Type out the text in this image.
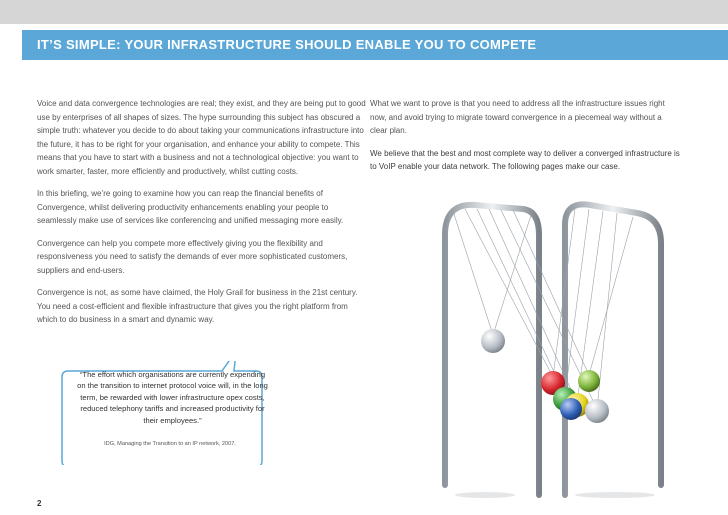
IT’S SIMPLE: YOUR INFRASTRUCTURE SHOULD ENABLE YOU TO COMPETE

Voice and data convergence technologies are real; they exist, and they are being put to good use by enterprises of all shapes of sizes. The hype surrounding this subject has obscured a simple truth: whatever you decide to do about taking your communications infrastructure into the future, it has to be right for your organisation, and enhance your ability to compete. This means that you have to start with a business and not a technological objective: you want to work smarter, faster, more efficiently and productively, whilst cutting costs.

In this briefing, we’re going to examine how you can reap the financial benefits of Convergence, whilst delivering productivity enhancements enabling your people to seamlessly make use of services like conferencing and unified messaging more easily.

Convergence can help you compete more effectively giving you the flexibility and responsiveness you need to satisfy the demands of ever more sophisticated customers, suppliers and end-users.

Convergence is not, as some have claimed, the Holy Grail for business in the 21st century. You need a cost-efficient and flexible infrastructure that gives you the right platform from which to do business in a smart and dynamic way.

What we want to prove is that you need to address all the infrastructure issues right now, and avoid trying to migrate toward convergence in a piecemeal way without a clear plan.

We believe that the best and most complete way to deliver a converged infrastructure is to VoIP enable your data network. The following pages make our case.

“The effort which organisations are currently expending on the transition to internet protocol voice will, in the long term, be rewarded with lower infrastructure opex costs, reduced telephony tariffs and increased productivity for their employees.”
IDG, Managing the Transition to an IP network, 2007.
2
